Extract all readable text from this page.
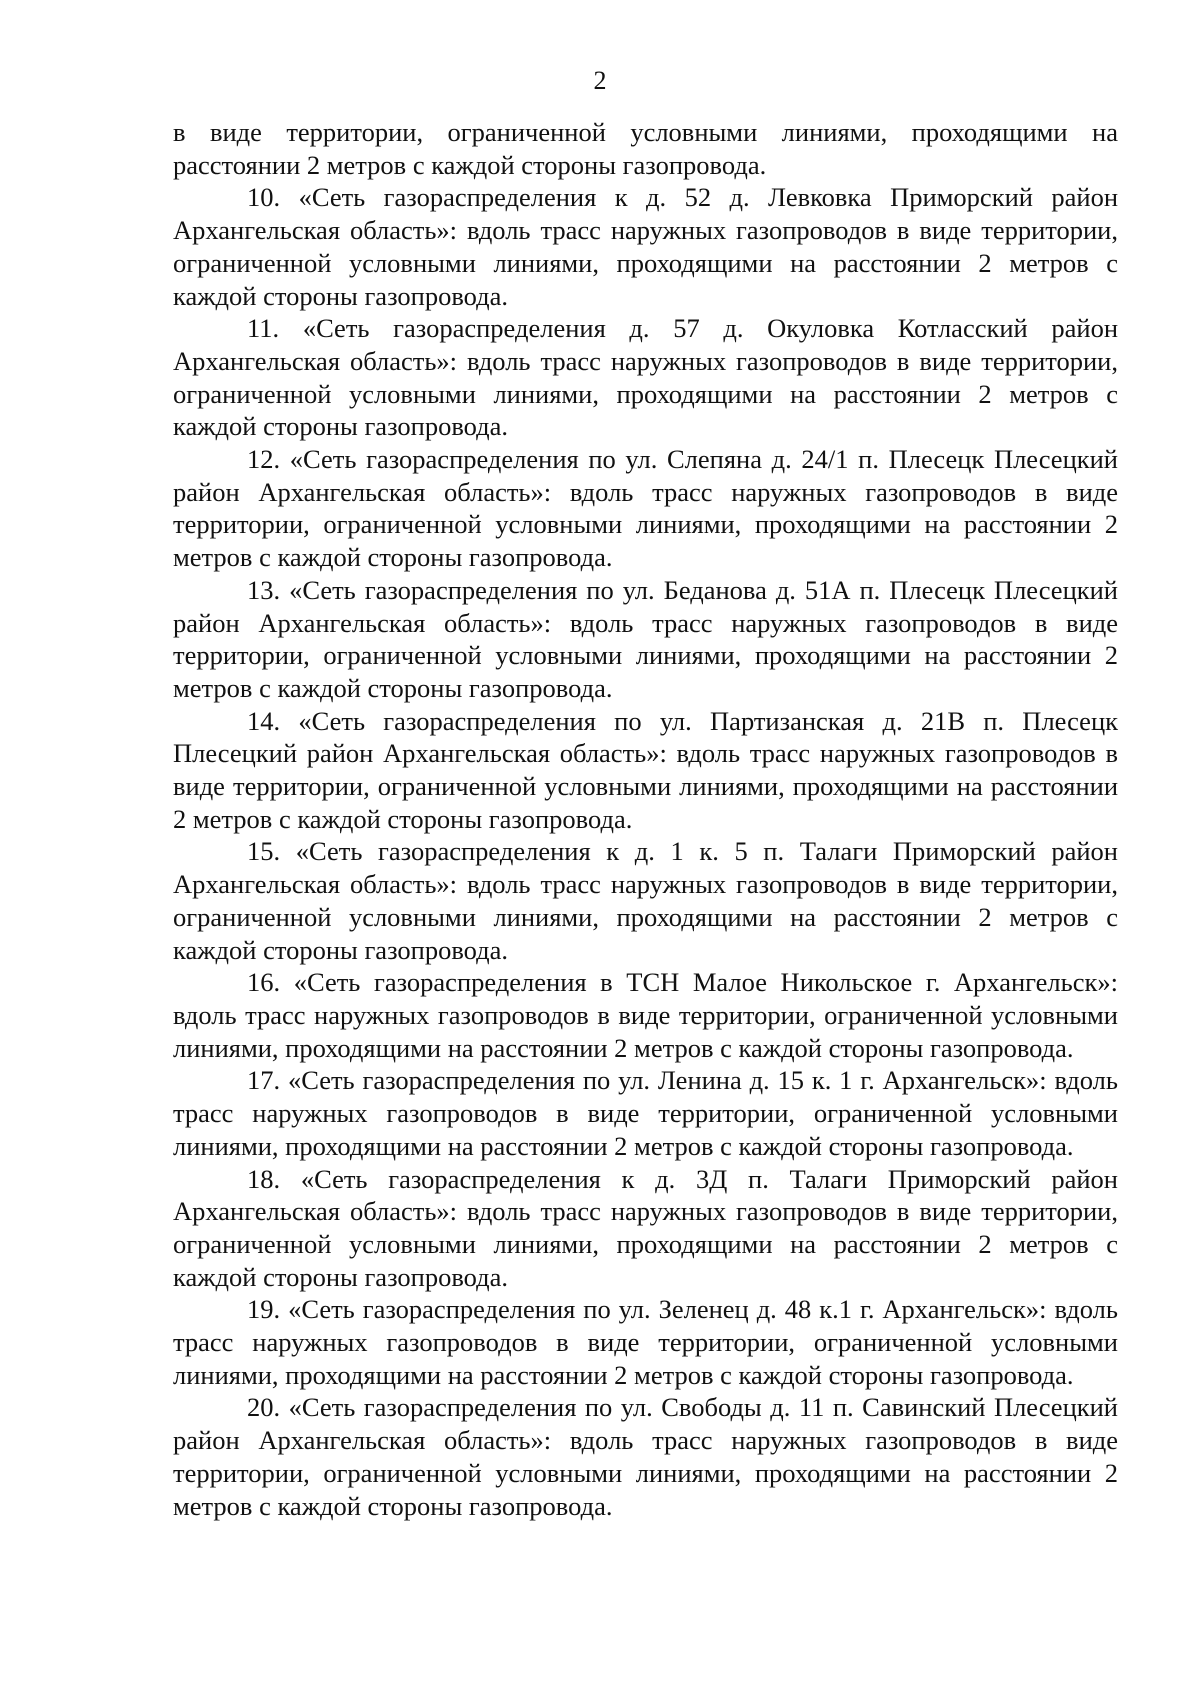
2

в виде территории, ограниченной условными линиями, проходящими на расстоянии 2 метров с каждой стороны газопровода.

10. «Сеть газораспределения к д. 52 д. Левковка Приморский район Архангельская область»: вдоль трасс наружных газопроводов в виде территории, ограниченной условными линиями, проходящими на расстоянии 2 метров с каждой стороны газопровода.

11. «Сеть газораспределения д. 57 д. Окуловка Котласский район Архангельская область»: вдоль трасс наружных газопроводов в виде территории, ограниченной условными линиями, проходящими на расстоянии 2 метров с каждой стороны газопровода.

12. «Сеть газораспределения по ул. Слепяна д. 24/1 п. Плесецк Плесецкий район Архангельская область»: вдоль трасс наружных газопроводов в виде территории, ограниченной условными линиями, проходящими на расстоянии 2 метров с каждой стороны газопровода.

13. «Сеть газораспределения по ул. Беданова д. 51А п. Плесецк Плесецкий район Архангельская область»: вдоль трасс наружных газопроводов в виде территории, ограниченной условными линиями, проходящими на расстоянии 2 метров с каждой стороны газопровода.

14. «Сеть газораспределения по ул. Партизанская д. 21В п. Плесецк Плесецкий район Архангельская область»: вдоль трасс наружных газопроводов в виде территории, ограниченной условными линиями, проходящими на расстоянии 2 метров с каждой стороны газопровода.

15. «Сеть газораспределения к д. 1 к. 5 п. Талаги Приморский район Архангельская область»: вдоль трасс наружных газопроводов в виде территории, ограниченной условными линиями, проходящими на расстоянии 2 метров с каждой стороны газопровода.

16. «Сеть газораспределения в ТСН Малое Никольское г. Архангельск»: вдоль трасс наружных газопроводов в виде территории, ограниченной условными линиями, проходящими на расстоянии 2 метров с каждой стороны газопровода.

17. «Сеть газораспределения по ул. Ленина д. 15 к. 1 г. Архангельск»: вдоль трасс наружных газопроводов в виде территории, ограниченной условными линиями, проходящими на расстоянии 2 метров с каждой стороны газопровода.

18. «Сеть газораспределения к д. 3Д п. Талаги Приморский район Архангельская область»: вдоль трасс наружных газопроводов в виде территории, ограниченной условными линиями, проходящими на расстоянии 2 метров с каждой стороны газопровода.

19. «Сеть газораспределения по ул. Зеленец д. 48 к.1 г. Архангельск»: вдоль трасс наружных газопроводов в виде территории, ограниченной условными линиями, проходящими на расстоянии 2 метров с каждой стороны газопровода.

20. «Сеть газораспределения по ул. Свободы д. 11 п. Савинский Плесецкий район Архангельская область»: вдоль трасс наружных газопроводов в виде территории, ограниченной условными линиями, проходящими на расстоянии 2 метров с каждой стороны газопровода.
